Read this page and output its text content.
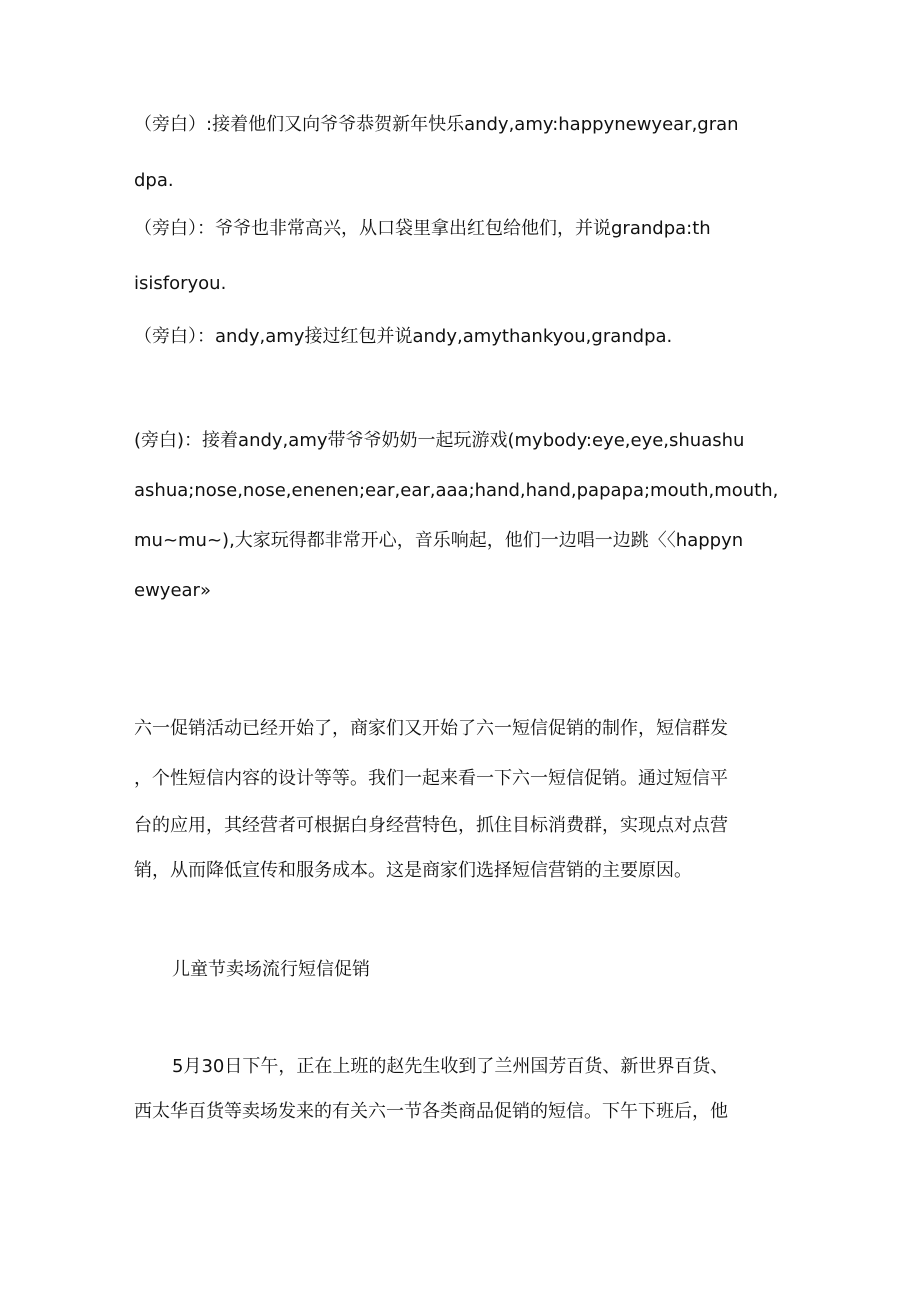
（旁白）:接着他们又向爷爷恭贺新年快乐andy,amy:happynewyear,gran
dpa.
（旁白）：爷爷也非常高兴，从口袋里拿出红包给他们，并说grandpa:th
isisforyou.
（旁白）：andy,amy接过红包并说andy,amythankyou,grandpa.
(旁白)：接着andy,amy带爷爷奶奶一起玩游戏(mybody:eye,eye,shuashu
ashua;nose,nose,enenen;ear,ear,aaa;hand,hand,papapa;mouth,mouth,
mu~mu~),大家玩得都非常开心，音乐响起，他们一边唱一边跳〈〈happyn
ewyear»
六一促销活动已经开始了，商家们又开始了六一短信促销的制作，短信群发
，个性短信内容的设计等等。我们一起来看一下六一短信促销。通过短信平
台的应用，其经营者可根据白身经营特色，抓住目标消费群，实现点对点营
销，从而降低宣传和服务成本。这是商家们选择短信营销的主要原因。
儿童节卖场流行短信促销
5月30日下午，正在上班的赵先生收到了兰州国芳百货、新世界百货、
西太华百货等卖场发来的有关六一节各类商品促销的短信。下午下班后，他
